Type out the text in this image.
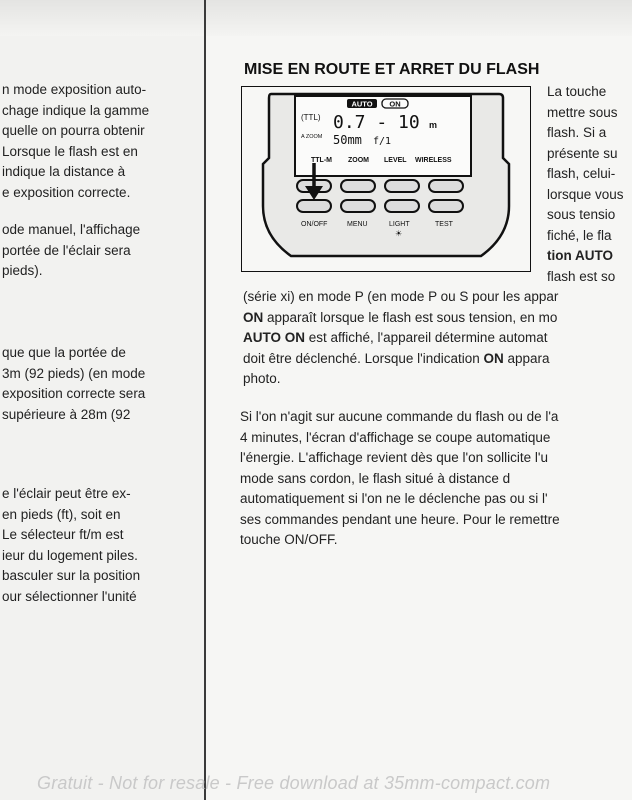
n mode exposition auto-
chage indique la gamme
quelle on pourra obtenir
Lorsque le flash est en
indique la distance à
e exposition correcte.
ode manuel, l'affichage
portée de l'éclair sera
pieds).
que que la portée de
3m (92 pieds) (en mode
exposition correcte sera
supérieure à 28m (92
e l'éclair peut être ex-
en pieds (ft), soit en
Le sélecteur ft/m est
ieur du logement piles.
basculer sur la position
our sélectionner l'unité
MISE EN ROUTE ET ARRET DU FLASH
AUTO ON
(TTL) 0.7 - 10 m
A ZOOM 50mm f/1
TTL-M ZOOM LEVEL WIRELESS
ON/OFF	MENU	LIGHT	TEST
☀
La touche
mettre sous
flash. Si a
présente su
flash, celui-
lorsque vous
sous tensio
fiché, le fla
tion AUTO
flash est so
(série xi) en mode P (en mode P ou S pour les appar
ON apparaît lorsque le flash est sous tension, en mo
AUTO ON est affiché, l'appareil détermine automat
doit être déclenché. Lorsque l'indication ON appara
photo.
Si l'on n'agit sur aucune commande du flash ou de l'a
4 minutes, l'écran d'affichage se coupe automatique
l'énergie. L'affichage revient dès que l'on sollicite l'u
mode sans cordon, le flash situé à distance d
automatiquement si l'on ne le déclenche pas ou si l'
ses commandes pendant une heure. Pour le remettre
touche ON/OFF.
Gratuit - Not for resale - Free download at 35mm-compact.com
